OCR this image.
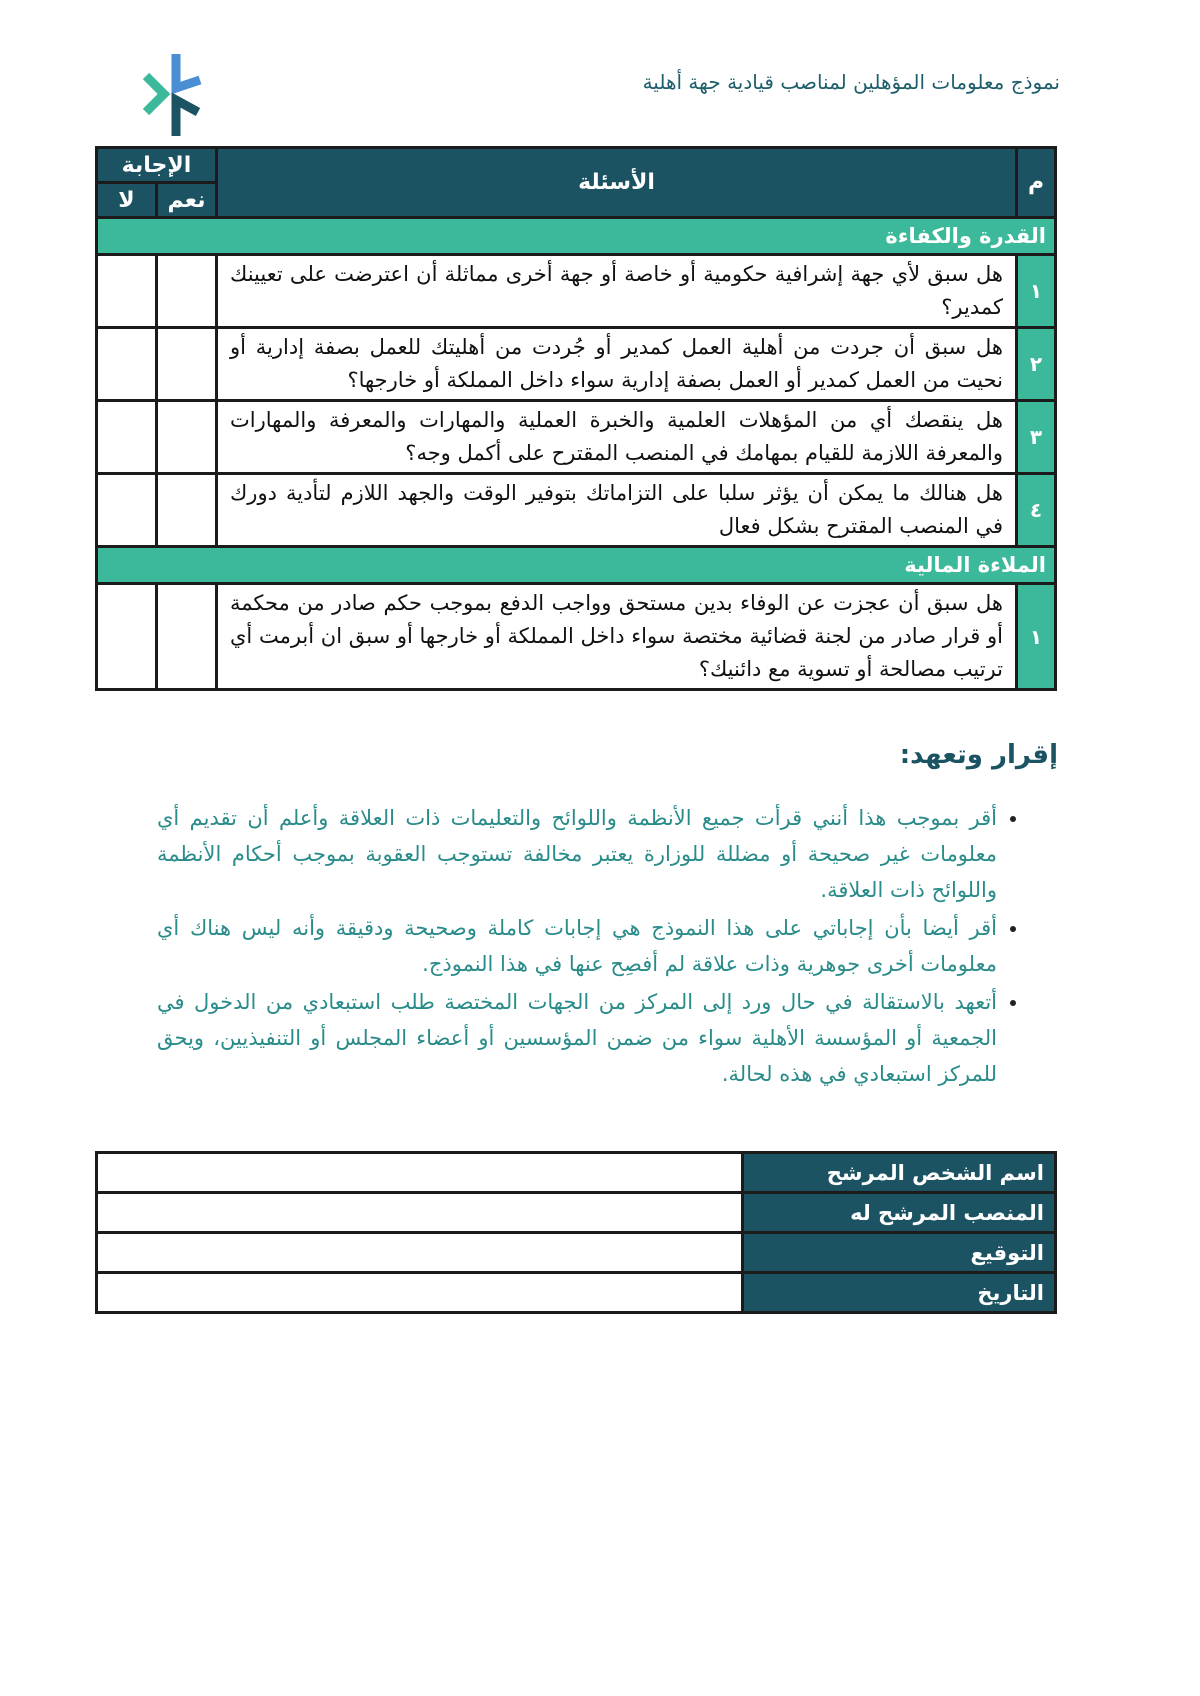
نموذج معلومات المؤهلين لمناصب قيادية جهة أهلية
م	الأسئلة	الإجابة	
		نعم	لا
القدرة والكفاءة			
١	هل سبق لأي جهة إشرافية حكومية أو خاصة أو جهة أخرى مماثلة أن اعترضت على تعيينك كمدير؟		
٢	هل سبق أن جردت من أهلية العمل كمدير أو جُردت من أهليتك للعمل بصفة إدارية أو نحيت من العمل كمدير أو العمل بصفة إدارية سواء داخل المملكة أو خارجها؟		
٣	هل ينقصك أي من المؤهلات العلمية والخبرة العملية والمهارات والمعرفة والمهارات والمعرفة اللازمة للقيام بمهامك في المنصب المقترح على أكمل وجه؟		
٤	هل هنالك ما يمكن أن يؤثر سلبا على التزاماتك بتوفير الوقت والجهد اللازم لتأدية دورك في المنصب المقترح بشكل فعال		
الملاءة المالية			
١	هل سبق أن عجزت عن الوفاء بدين مستحق وواجب الدفع بموجب حكم صادر من محكمة أو قرار صادر من لجنة قضائية مختصة سواء داخل المملكة أو خارجها أو سبق ان أبرمت أي ترتيب مصالحة أو تسوية مع دائنيك؟		
إقرار وتعهد:
• أقر بموجب هذا أنني قرأت جميع الأنظمة واللوائح والتعليمات ذات العلاقة وأعلم أن تقديم أي معلومات غير صحيحة أو مضللة للوزارة يعتبر مخالفة تستوجب العقوبة بموجب أحكام الأنظمة واللوائح ذات العلاقة.
• أقر أيضا بأن إجاباتي على هذا النموذج هي إجابات كاملة وصحيحة ودقيقة وأنه ليس هناك أي معلومات أخرى جوهرية وذات علاقة لم أفصِح عنها في هذا النموذج.
• أتعهد بالاستقالة في حال ورد إلى المركز من الجهات المختصة طلب استبعادي من الدخول في الجمعية أو المؤسسة الأهلية سواء من ضمن المؤسسين أو أعضاء المجلس أو التنفيذيين، ويحق للمركز استبعادي في هذه لحالة.
اسم الشخص المرشح	
المنصب المرشح له	
التوقيع	
التاريخ	
